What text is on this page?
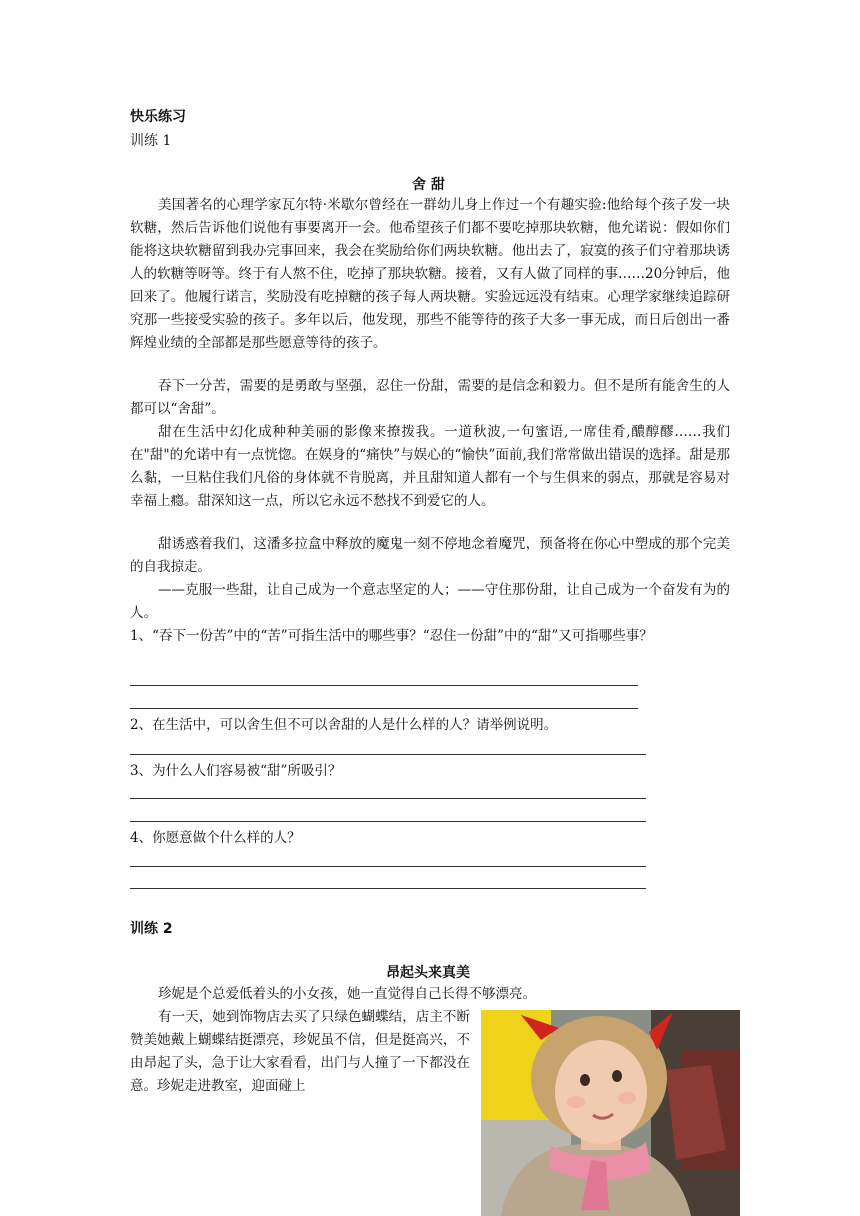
快乐练习
训练 1
舍 甜

美国著名的心理学家瓦尔特·米歇尔曾经在一群幼儿身上作过一个有趣实验:他给每个孩子发一块软糖，然后告诉他们说他有事要离开一会。他希望孩子们都不要吃掉那块软糖，他允诺说：假如你们能将这块软糖留到我办完事回来，我会在奖励给你们两块软糖。他出去了，寂寞的孩子们守着那块诱人的软糖等呀等。终于有人熬不住，吃掉了那块软糖。接着，又有人做了同样的事……20分钟后，他回来了。他履行诺言，奖励没有吃掉糖的孩子每人两块糖。实验远远没有结束。心理学家继续追踪研究那一些接受实验的孩子。多年以后，他发现，那些不能等待的孩子大多一事无成，而日后创出一番辉煌业绩的全部都是那些愿意等待的孩子。

吞下一分苦，需要的是勇敢与坚强，忍住一份甜，需要的是信念和毅力。但不是所有能舍生的人都可以“舍甜”。

甜在生活中幻化成种种美丽的影像来撩拨我。一道秋波,一句蜜语,一席佳肴,醲醇醪……我们在"甜"的允诺中有一点恍惚。在娱身的“痛快”与娱心的“愉快”面前,我们常常做出错误的选择。甜是那么黏，一旦粘住我们凡俗的身体就不肯脱离，并且甜知道人都有一个与生俱来的弱点，那就是容易对幸福上瘾。甜深知这一点，所以它永远不愁找不到爱它的人。

甜诱惑着我们，这潘多拉盒中释放的魔鬼一刻不停地念着魔咒，预备将在你心中塑成的那个完美的自我掠走。

——克服一些甜，让自己成为一个意志坚定的人；——守住那份甜，让自己成为一个奋发有为的人。

1、“吞下一份苦”中的“苦”可指生活中的哪些事？“忍住一份甜”中的“甜”又可指哪些事？

2、在生活中，可以舍生但不可以舍甜的人是什么样的人？请举例说明。

3、为什么人们容易被“甜”所吸引？

4、你愿意做个什么样的人？

训练 2
昂起头来真美

珍妮是个总爱低着头的小女孩，她一直觉得自己长得不够漂亮。

有一天，她到饰物店去买了只绿色蝴蝶结，店主不断赞美她戴上蝴蝶结挺漂亮，珍妮虽不信，但是挺高兴，不由昂起了头，急于让大家看看，出门与人撞了一下都没在意。珍妮走进教室，迎面碰上
